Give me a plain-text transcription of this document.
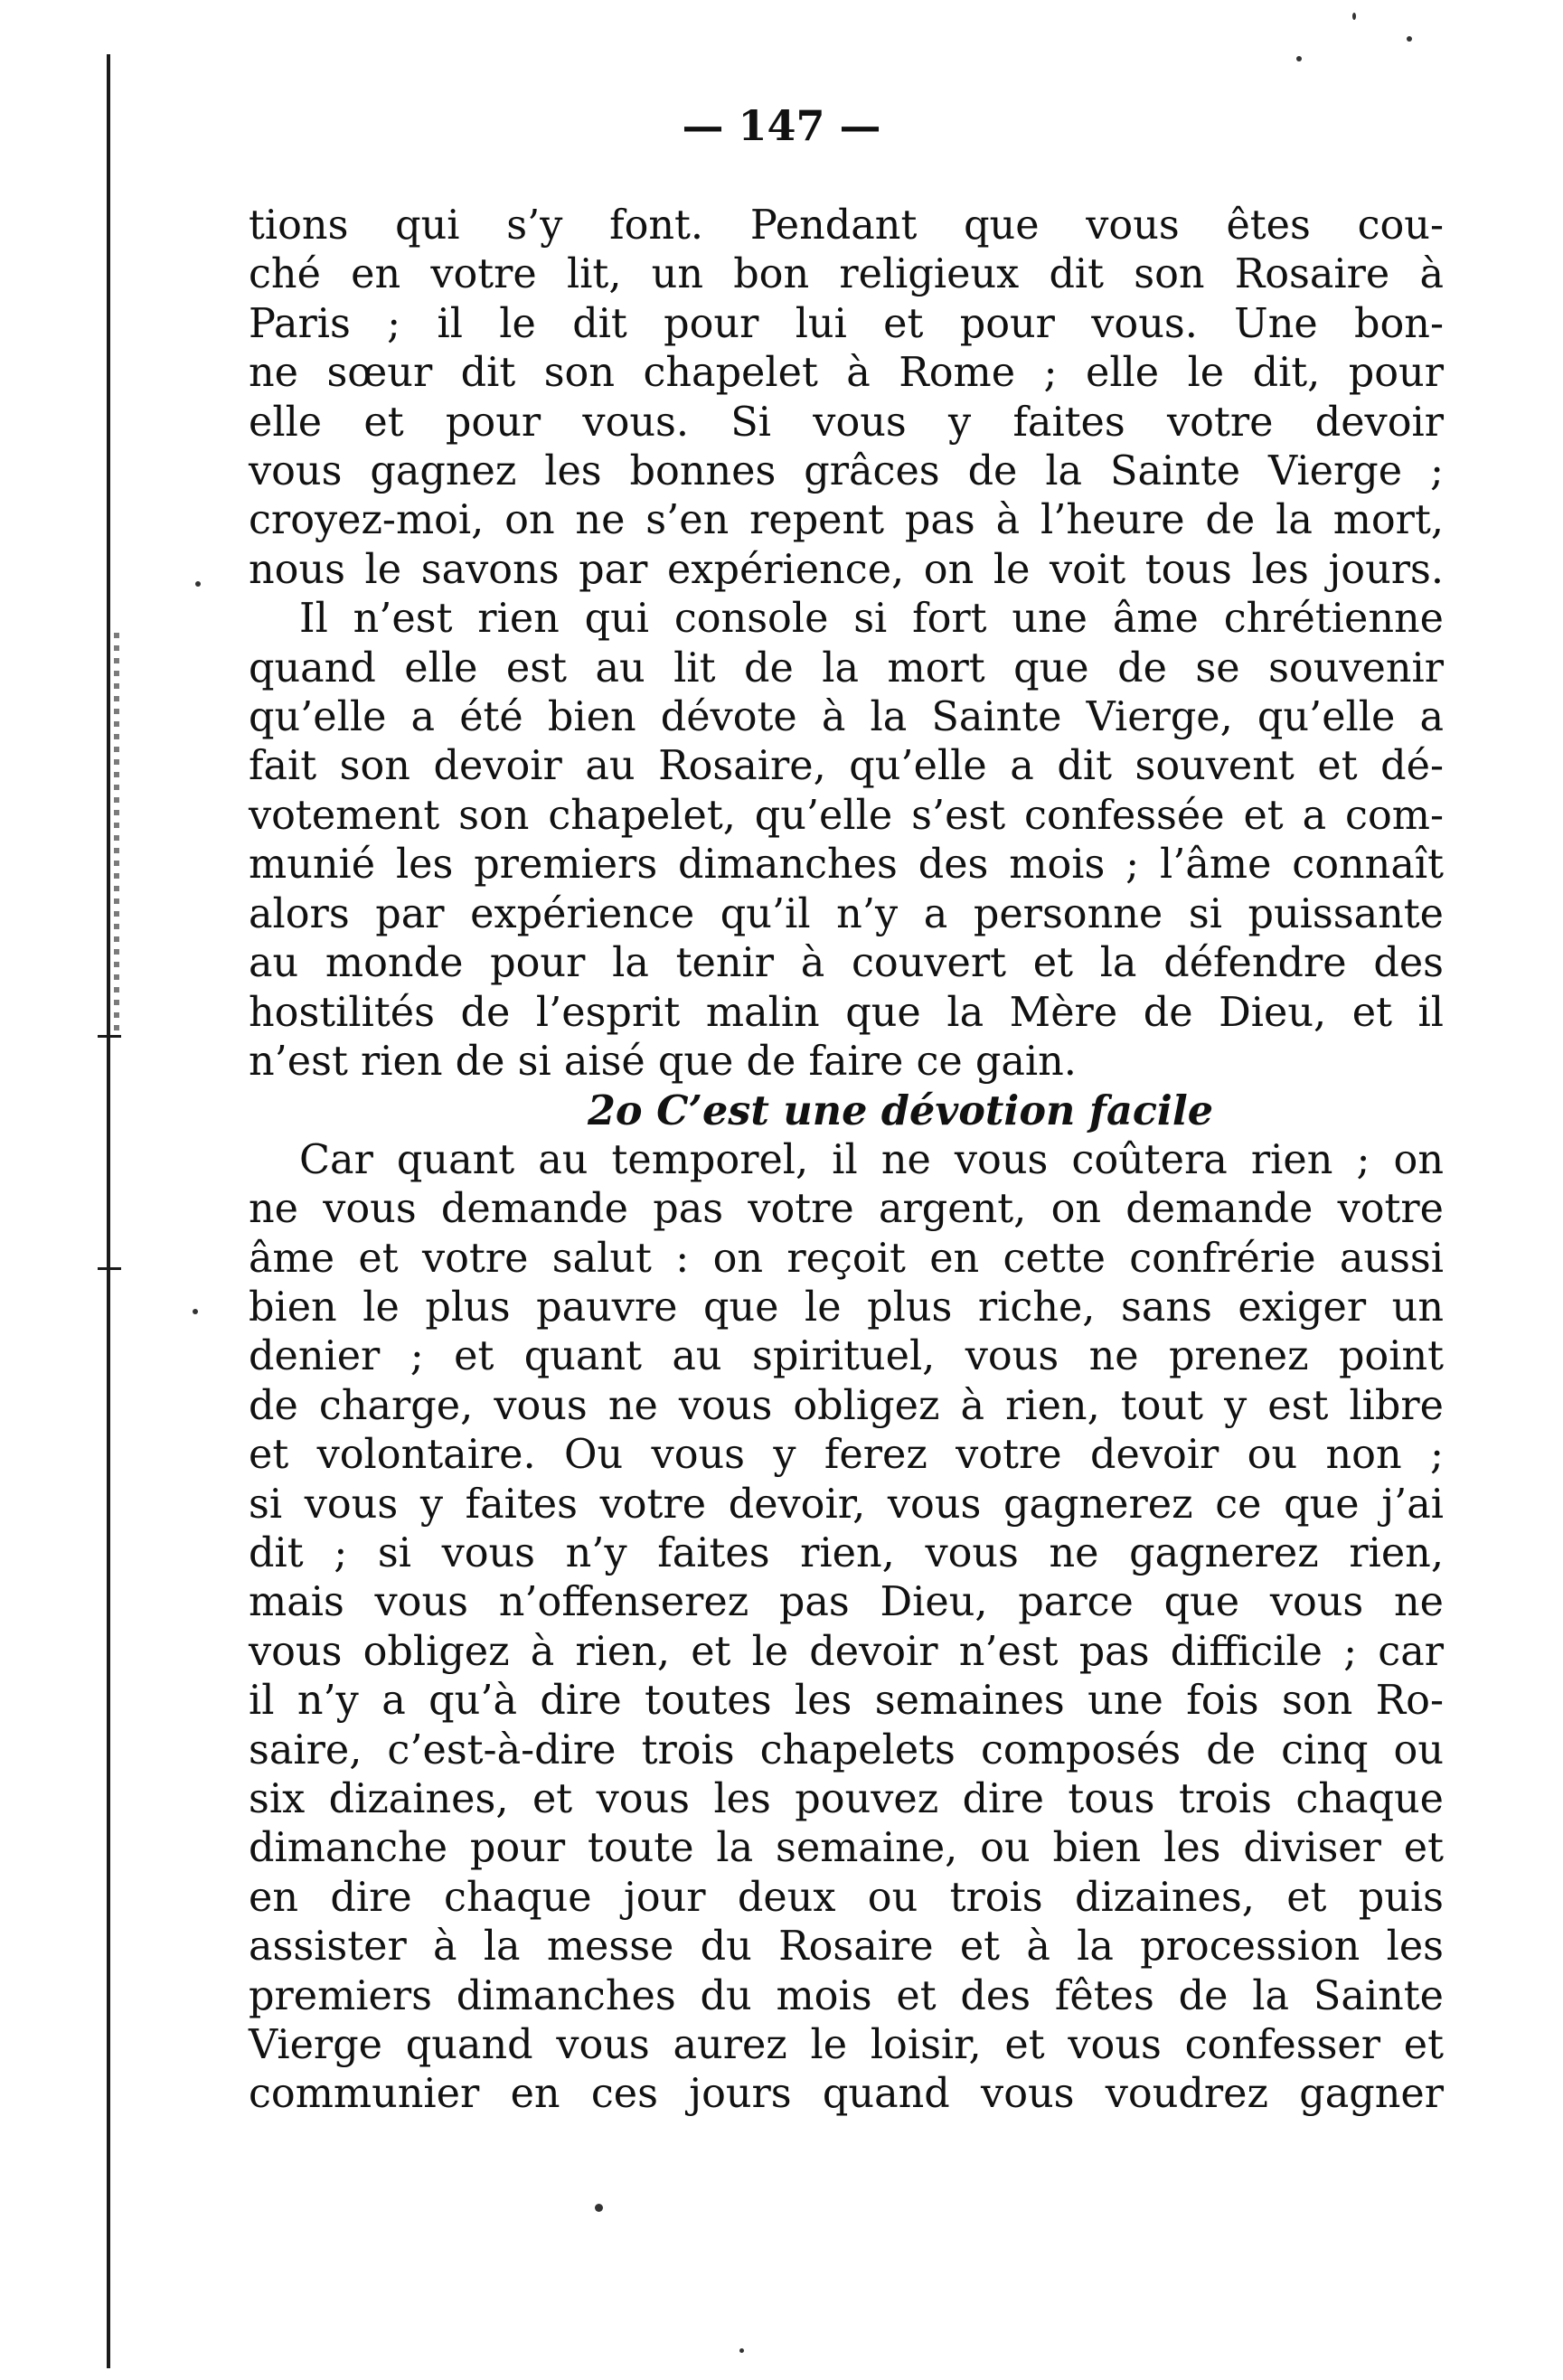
— 147 —
tions qui s’y font. Pendant que vous êtes cou-
ché en votre lit, un bon religieux dit son Rosaire à
Paris ; il le dit pour lui et pour vous. Une bon-
ne sœur dit son chapelet à Rome ; elle le dit, pour
elle et pour vous. Si vous y faites votre devoir
vous gagnez les bonnes grâces de la Sainte Vierge ;
croyez-moi, on ne s’en repent pas à l’heure de la mort,
nous le savons par expérience, on le voit tous les jours.
Il n’est rien qui console si fort une âme chrétienne
quand elle est au lit de la mort que de se souvenir
qu’elle a été bien dévote à la Sainte Vierge, qu’elle a
fait son devoir au Rosaire, qu’elle a dit souvent et dé-
votement son chapelet, qu’elle s’est confessée et a com-
munié les premiers dimanches des mois ; l’âme connaît
alors par expérience qu’il n’y a personne si puissante
au monde pour la tenir à couvert et la défendre des
hostilités de l’esprit malin que la Mère de Dieu, et il
n’est rien de si aisé que de faire ce gain.
2o C’est une dévotion facile
Car quant au temporel, il ne vous coûtera rien ; on
ne vous demande pas votre argent, on demande votre
âme et votre salut : on reçoit en cette confrérie aussi
bien le plus pauvre que le plus riche, sans exiger un
denier ; et quant au spirituel, vous ne prenez point
de charge, vous ne vous obligez à rien, tout y est libre
et volontaire. Ou vous y ferez votre devoir ou non ;
si vous y faites votre devoir, vous gagnerez ce que j’ai
dit ; si vous n’y faites rien, vous ne gagnerez rien,
mais vous n’offenserez pas Dieu, parce que vous ne
vous obligez à rien, et le devoir n’est pas difficile ; car
il n’y a qu’à dire toutes les semaines une fois son Ro-
saire, c’est-à-dire trois chapelets composés de cinq ou
six dizaines, et vous les pouvez dire tous trois chaque
dimanche pour toute la semaine, ou bien les diviser et
en dire chaque jour deux ou trois dizaines, et puis
assister à la messe du Rosaire et à la procession les
premiers dimanches du mois et des fêtes de la Sainte
Vierge quand vous aurez le loisir, et vous confesser et
communier en ces jours quand vous voudrez gagner
